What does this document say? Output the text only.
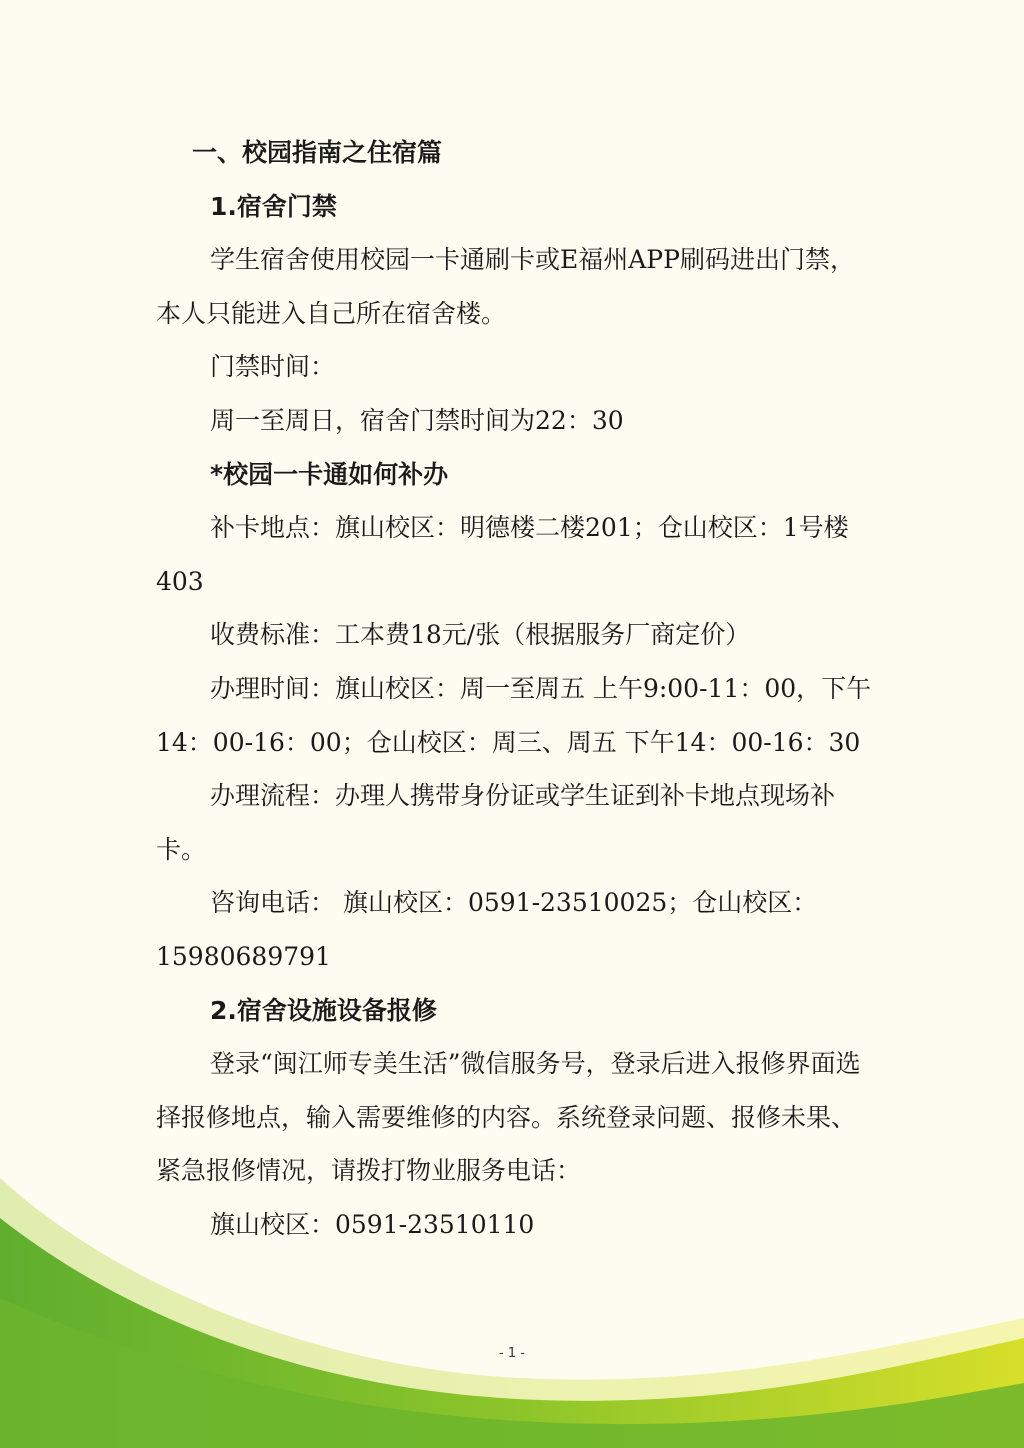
一、校园指南之住宿篇

1.宿舍门禁

学生宿舍使用校园一卡通刷卡或E福州APP刷码进出门禁，本人只能进入自己所在宿舍楼。

门禁时间：

周一至周日，宿舍门禁时间为22：30

*校园一卡通如何补办

补卡地点：旗山校区：明德楼二楼201；仓山校区：1号楼403

收费标准：工本费18元/张（根据服务厂商定价）

办理时间：旗山校区：周一至周五 上午9:00-11：00，下午14：00-16：00；仓山校区：周三、周五 下午14：00-16：30

办理流程：办理人携带身份证或学生证到补卡地点现场补卡。

咨询电话： 旗山校区：0591-23510025；仓山校区：15980689791

2.宿舍设施设备报修

登录“闽江师专美生活”微信服务号，登录后进入报修界面选择报修地点，输入需要维修的内容。系统登录问题、报修未果、紧急报修情况，请拨打物业服务电话：

旗山校区：0591-23510110

- 1 -
